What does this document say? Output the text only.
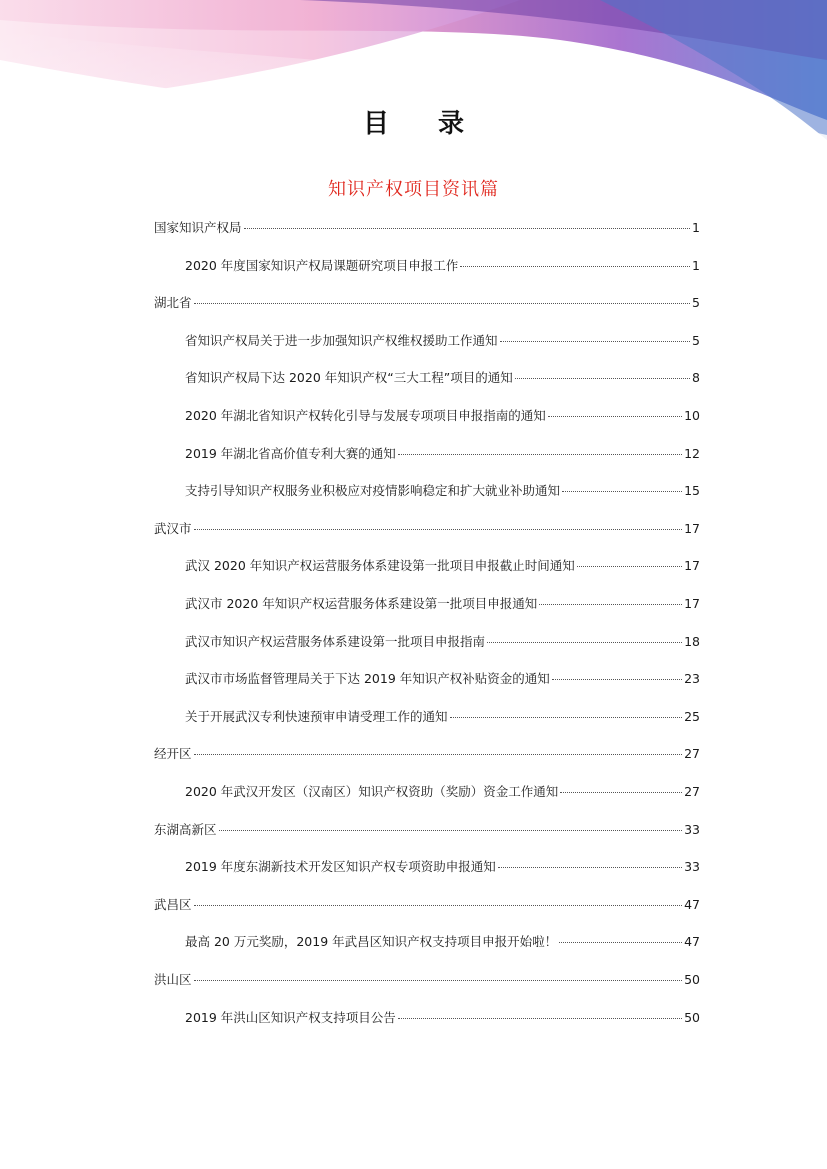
目 录
知识产权项目资讯篇
国家知识产权局	1
2020 年度国家知识产权局课题研究项目申报工作	1
湖北省	5
省知识产权局关于进一步加强知识产权维权援助工作通知	5
省知识产权局下达 2020 年知识产权“三大工程”项目的通知	8
2020 年湖北省知识产权转化引导与发展专项项目申报指南的通知	10
2019 年湖北省高价值专利大赛的通知	12
支持引导知识产权服务业积极应对疫情影响稳定和扩大就业补助通知	15
武汉市	17
武汉 2020 年知识产权运营服务体系建设第一批项目申报截止时间通知	17
武汉市 2020 年知识产权运营服务体系建设第一批项目申报通知	17
武汉市知识产权运营服务体系建设第一批项目申报指南	18
武汉市市场监督管理局关于下达 2019 年知识产权补贴资金的通知	23
关于开展武汉专利快速预审申请受理工作的通知	25
经开区	27
2020 年武汉开发区（汉南区）知识产权资助（奖励）资金工作通知	27
东湖高新区	33
2019 年度东湖新技术开发区知识产权专项资助申报通知	33
武昌区	47
最高 20 万元奖励，2019 年武昌区知识产权支持项目申报开始啦！	47
洪山区	50
2019 年洪山区知识产权支持项目公告	50
